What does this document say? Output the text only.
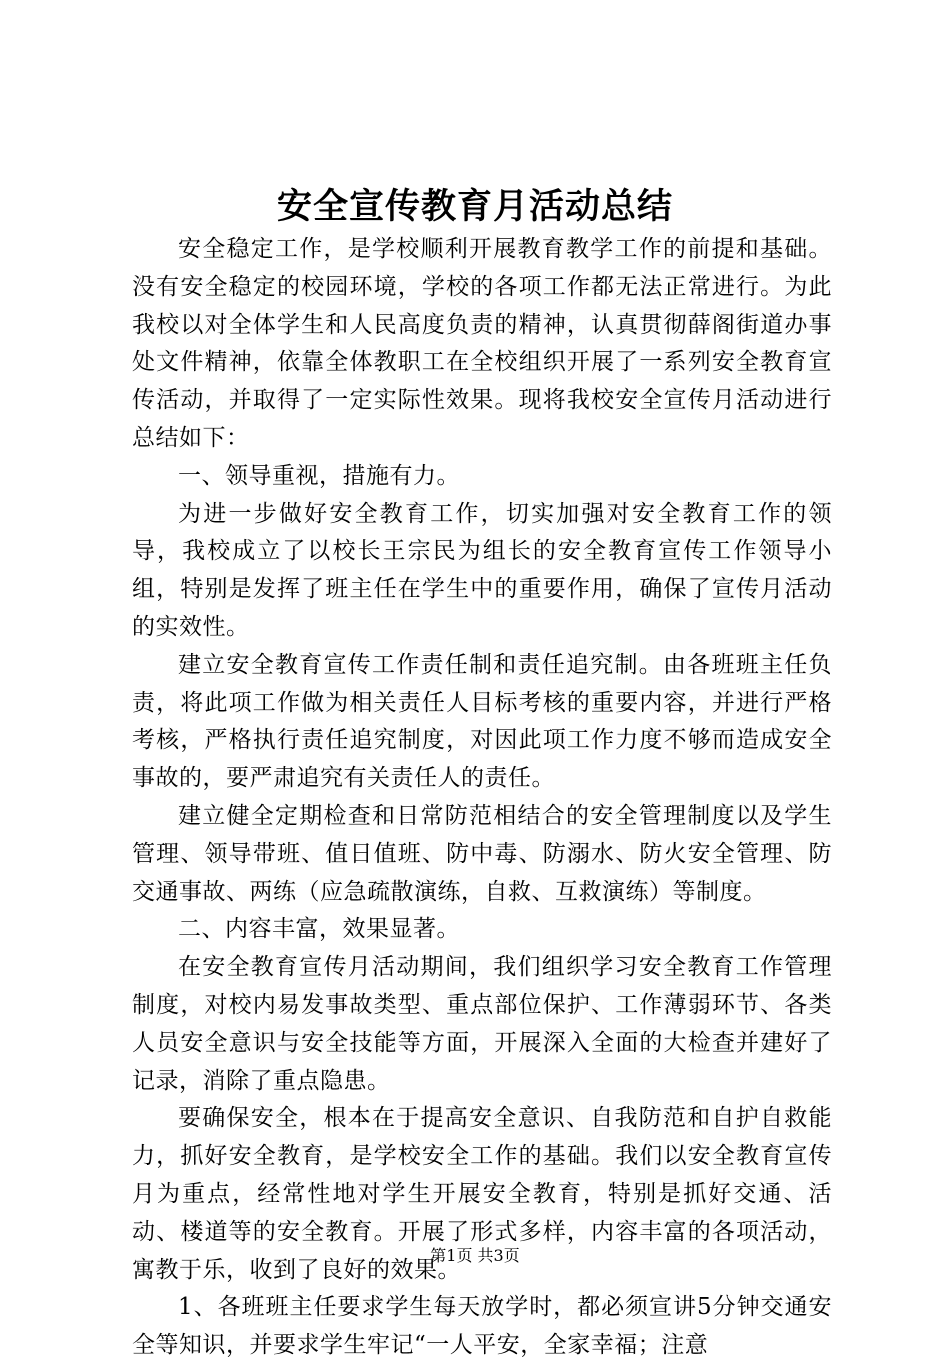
安全宣传教育月活动总结

安全稳定工作，是学校顺利开展教育教学工作的前提和基础。没有安全稳定的校园环境，学校的各项工作都无法正常进行。为此我校以对全体学生和人民高度负责的精神，认真贯彻薛阁街道办事处文件精神，依靠全体教职工在全校组织开展了一系列安全教育宣传活动，并取得了一定实际性效果。现将我校安全宣传月活动进行总结如下：

一、领导重视，措施有力。

为进一步做好安全教育工作，切实加强对安全教育工作的领导，我校成立了以校长王宗民为组长的安全教育宣传工作领导小组，特别是发挥了班主任在学生中的重要作用，确保了宣传月活动的实效性。

建立安全教育宣传工作责任制和责任追究制。由各班班主任负责，将此项工作做为相关责任人目标考核的重要内容，并进行严格考核，严格执行责任追究制度，对因此项工作力度不够而造成安全事故的，要严肃追究有关责任人的责任。

建立健全定期检查和日常防范相结合的安全管理制度以及学生管理、领导带班、值日值班、防中毒、防溺水、防火安全管理、防交通事故、两练（应急疏散演练，自救、互救演练）等制度。

二、内容丰富，效果显著。

在安全教育宣传月活动期间，我们组织学习安全教育工作管理制度，对校内易发事故类型、重点部位保护、工作薄弱环节、各类人员安全意识与安全技能等方面，开展深入全面的大检查并建好了记录，消除了重点隐患。

要确保安全，根本在于提高安全意识、自我防范和自护自救能力，抓好安全教育，是学校安全工作的基础。我们以安全教育宣传月为重点，经常性地对学生开展安全教育，特别是抓好交通、活动、楼道等的安全教育。开展了形式多样，内容丰富的各项活动，寓教于乐，收到了良好的效果。

1、各班班主任要求学生每天放学时，都必须宣讲5分钟交通安全等知识，并要求学生牢记“一人平安，全家幸福；注意

第1页 共3页
